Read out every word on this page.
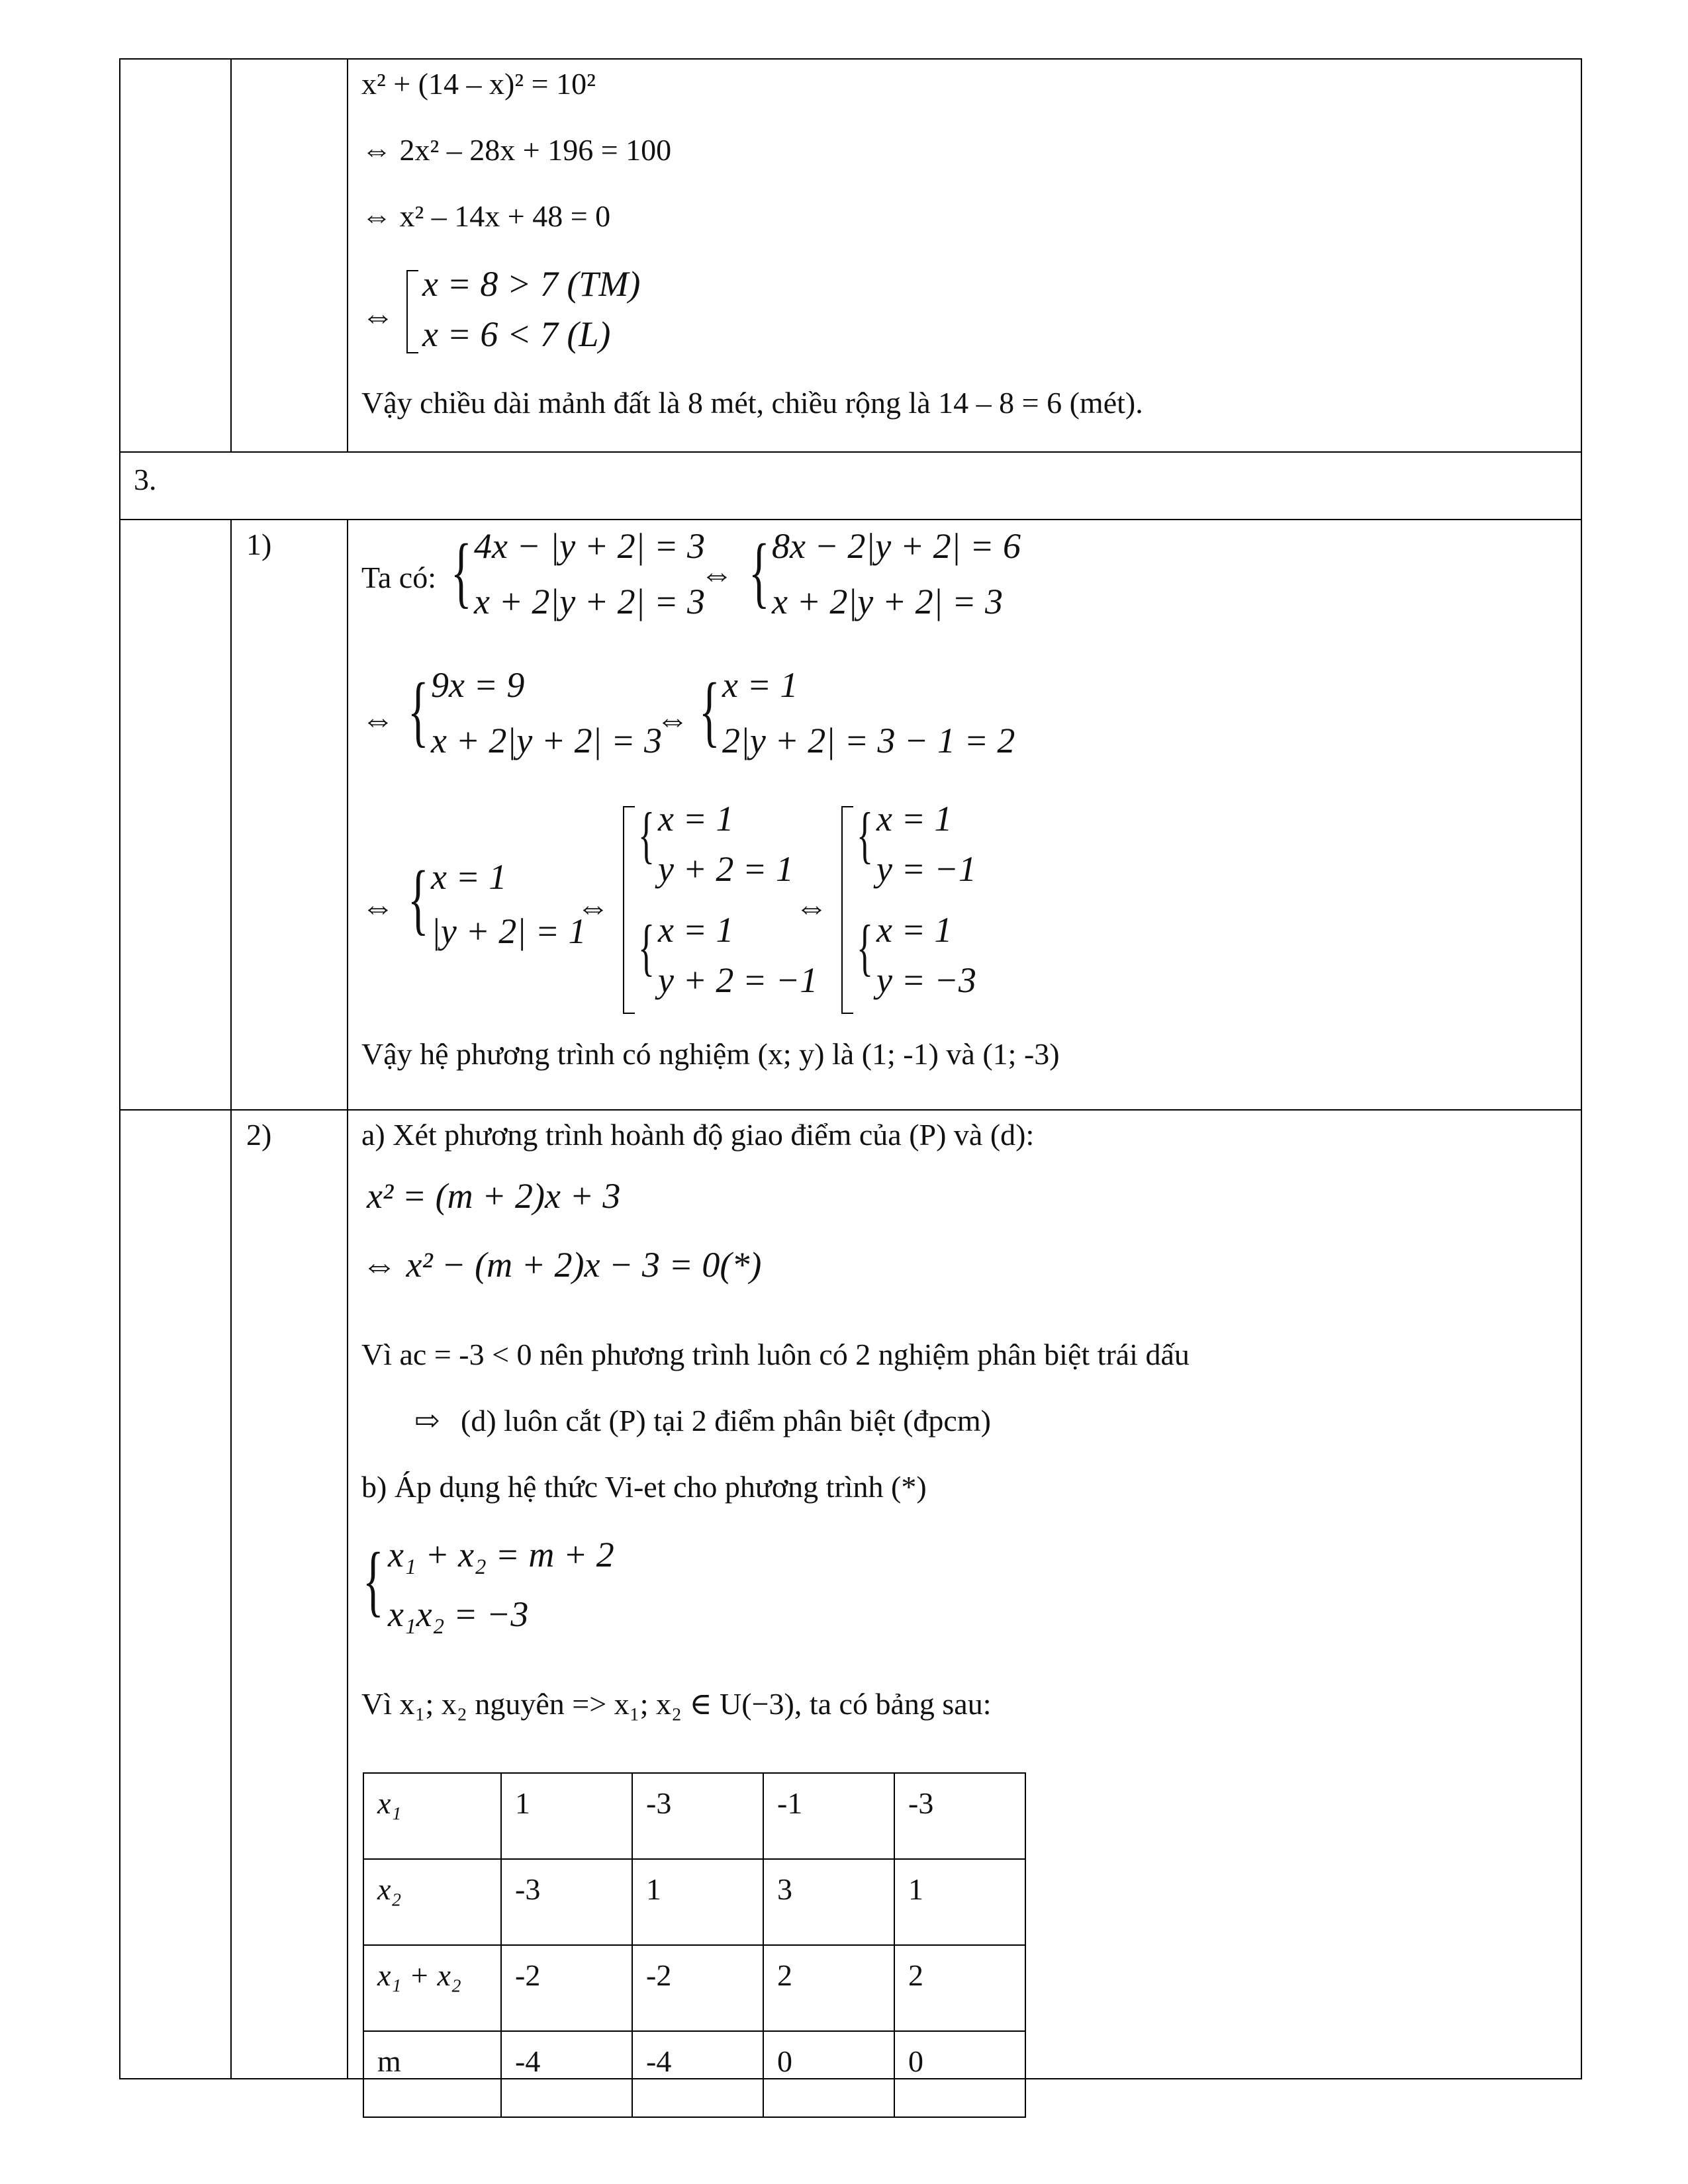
x² + (14 – x)² = 10²
⇔ 2x² – 28x + 196 = 100
⇔ x² – 14x + 48 = 0
⇔
x = 8 > 7 (TM)
x = 6 < 7 (L)
Vậy chiều dài mảnh đất là 8 mét, chiều rộng là 14 – 8 = 6 (mét).

3.

1)

Ta có: { 4x − |y + 2| = 3
x + 2|y + 2| = 3
⇔ { 8x − 2|y + 2| = 6
x + 2|y + 2| = 3
⇔ { 9x = 9
x + 2|y + 2| = 3
⇔ { x = 1
2|y + 2| = 3 − 1 = 2
⇔ { x = 1
|y + 2| = 1
⇔
{ x = 1
y + 2 = 1
{ x = 1
y + 2 = −1
⇔
{ x = 1
y = −1
{ x = 1
y = −3
Vậy hệ phương trình có nghiệm (x; y) là (1; -1) và (1; -3)

2)	a) Xét phương trình hoành độ giao điểm của (P) và (d):
x² = (m + 2)x + 3
⇔ x² − (m + 2)x − 3 = 0(*)
Vì ac = -3 < 0 nên phương trình luôn có 2 nghiệm phân biệt trái dấu
⇨ (d) luôn cắt (P) tại 2 điểm phân biệt (đpcm)
b) Áp dụng hệ thức Vi-et cho phương trình (*)
{ x₁ + x₂ = m + 2
x₁x₂ = −3
Vì x₁; x₂ nguyên => x₁; x₂ ∈ U(−3), ta có bảng sau:
x₁	1	-3	-1	-3
x₂	-3	1	3	1
x₁ + x₂	-2	-2	2	2
m	-4	-4	0	0
